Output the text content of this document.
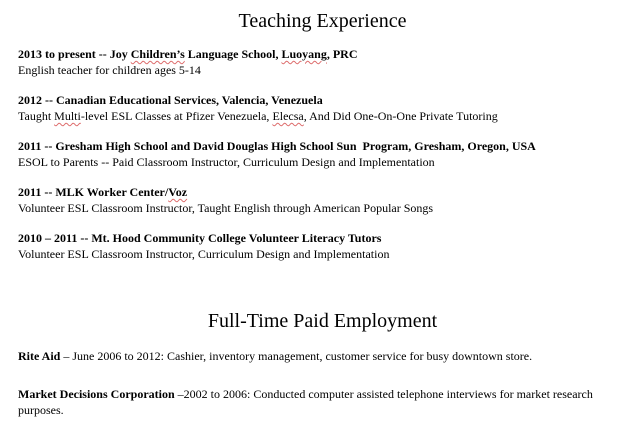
Teaching Experience

2013 to present -- Joy Children’s Language School, Luoyang, PRC

English teacher for children ages 5-14

2012 -- Canadian Educational Services, Valencia, Venezuela

Taught Multi-level ESL Classes at Pfizer Venezuela, Elecsa, And Did One-On-One Private Tutoring

2011 -- Gresham High School and David Douglas High School Sun  Program, Gresham, Oregon, USA

ESOL to Parents -- Paid Classroom Instructor, Curriculum Design and Implementation

2011 -- MLK Worker Center/Voz

Volunteer ESL Classroom Instructor, Taught English through American Popular Songs

2010 – 2011 -- Mt. Hood Community College Volunteer Literacy Tutors

Volunteer ESL Classroom Instructor, Curriculum Design and Implementation

Full-Time Paid Employment

Rite Aid – June 2006 to 2012: Cashier, inventory management, customer service for busy downtown store.

Market Decisions Corporation –2002 to 2006: Conducted computer assisted telephone interviews for market research purposes.
